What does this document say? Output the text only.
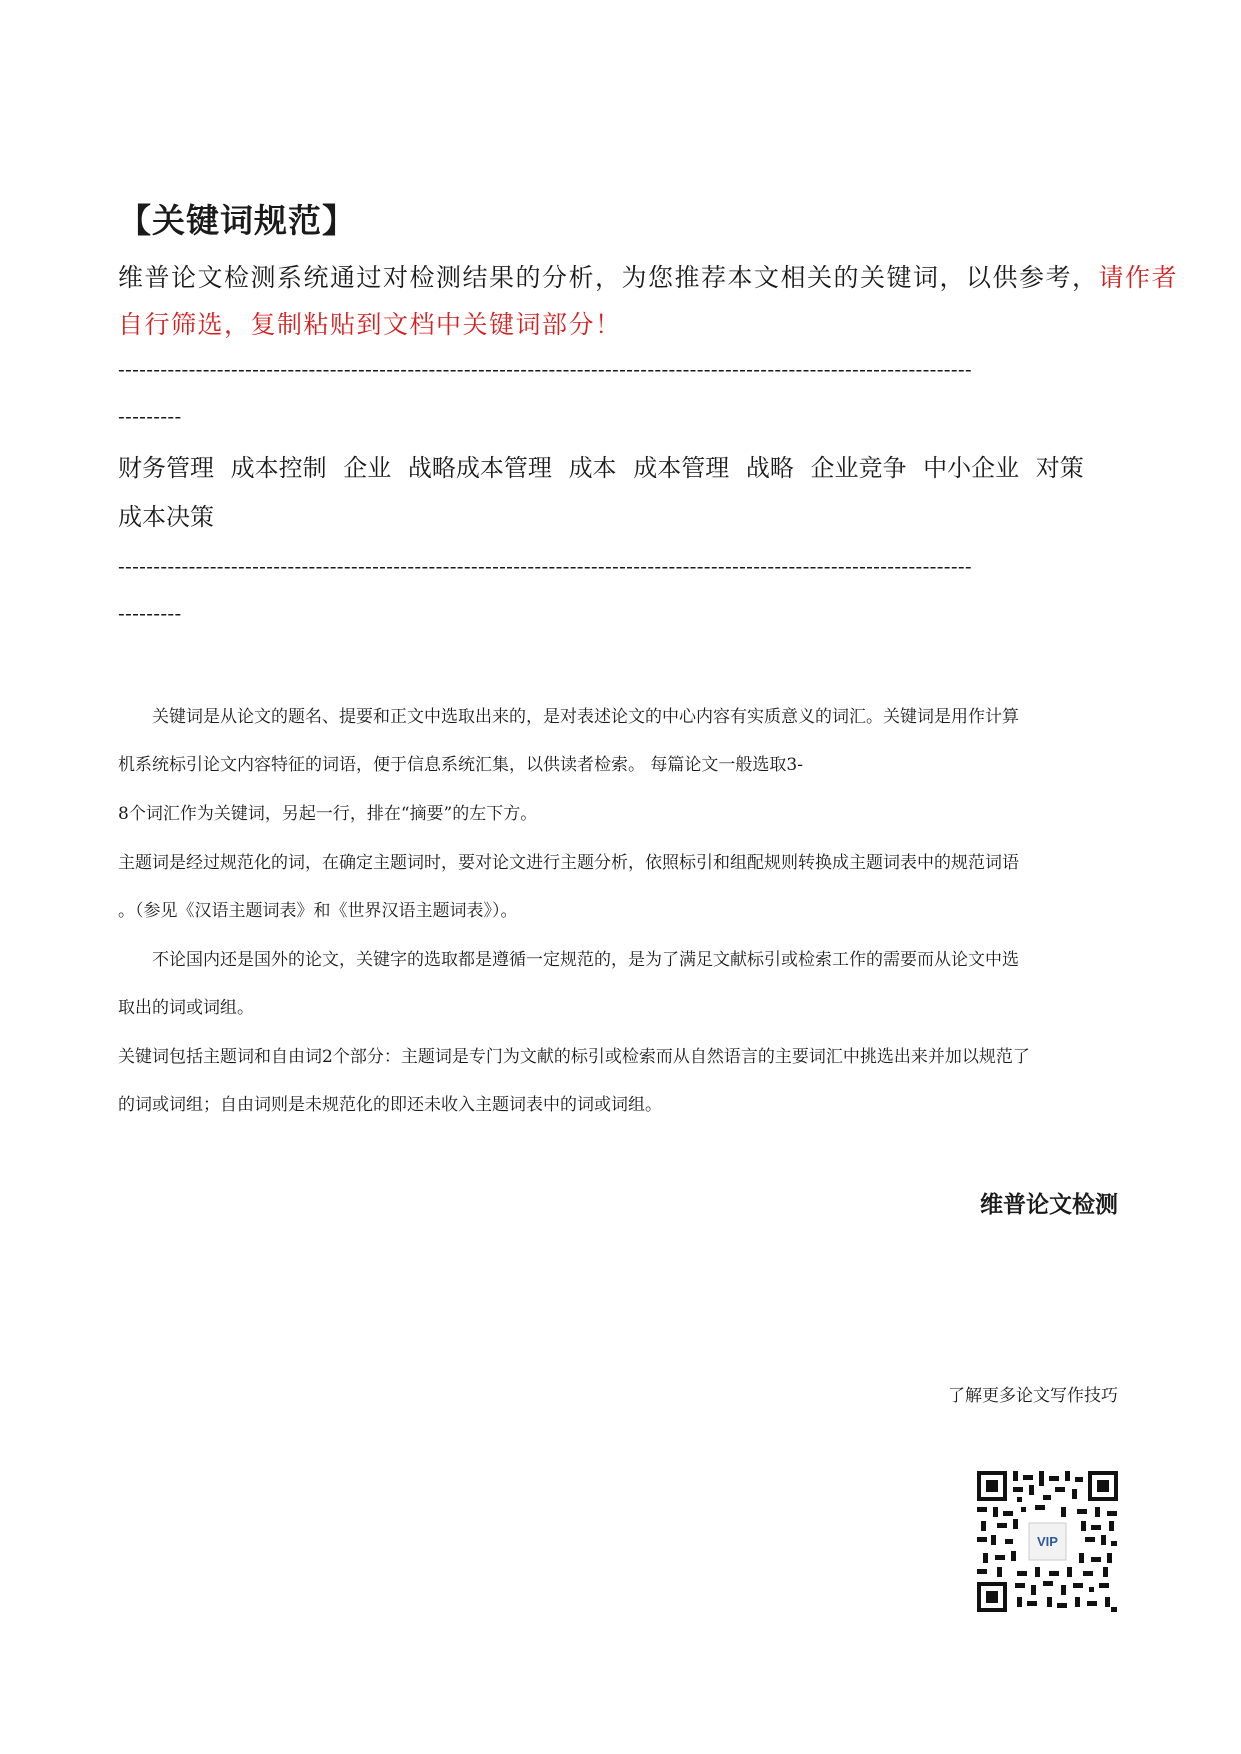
【关键词规范】
维普论文检测系统通过对检测结果的分析，为您推荐本文相关的关键词，以供参考，请作者
自行筛选，复制粘贴到文档中关键词部分！
-------------------------------------------------------------------------------------------------------------------------
---------
财务管理 成本控制 企业 战略成本管理 成本 成本管理 战略 企业竞争 中小企业 对策
成本决策
-------------------------------------------------------------------------------------------------------------------------
---------
　　关键词是从论文的题名、提要和正文中选取出来的，是对表述论文的中心内容有实质意义的词汇。关键词是用作计算
机系统标引论文内容特征的词语，便于信息系统汇集，以供读者检索。 每篇论文一般选取3-
8个词汇作为关键词，另起一行，排在“摘要”的左下方。
主题词是经过规范化的词，在确定主题词时，要对论文进行主题分析，依照标引和组配规则转换成主题词表中的规范词语
。（参见《汉语主题词表》和《世界汉语主题词表》）。
　　不论国内还是国外的论文，关键字的选取都是遵循一定规范的，是为了满足文献标引或检索工作的需要而从论文中选
取出的词或词组。
关键词包括主题词和自由词2个部分：主题词是专门为文献的标引或检索而从自然语言的主要词汇中挑选出来并加以规范了
的词或词组；自由词则是未规范化的即还未收入主题词表中的词或词组。
维普论文检测
了解更多论文写作技巧
VIP
